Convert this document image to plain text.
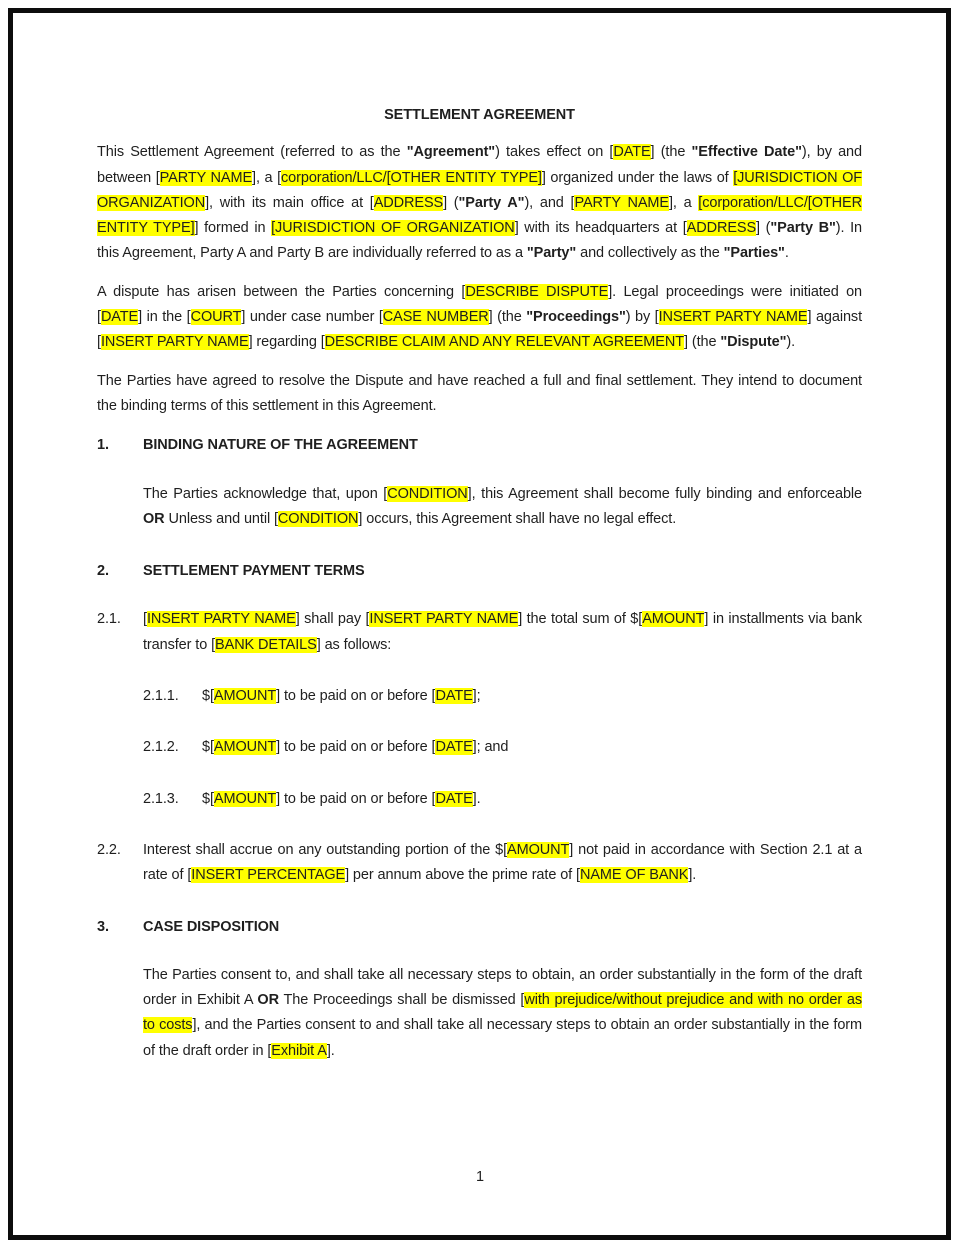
SETTLEMENT AGREEMENT
This Settlement Agreement (referred to as the "Agreement") takes effect on [DATE] (the "Effective Date"), by and between [PARTY NAME], a [corporation/LLC/[OTHER ENTITY TYPE]] organized under the laws of [JURISDICTION OF ORGANIZATION], with its main office at [ADDRESS] ("Party A"), and [PARTY NAME], a [corporation/LLC/[OTHER ENTITY TYPE]] formed in [JURISDICTION OF ORGANIZATION] with its headquarters at [ADDRESS] ("Party B"). In this Agreement, Party A and Party B are individually referred to as a "Party" and collectively as the "Parties".
A dispute has arisen between the Parties concerning [DESCRIBE DISPUTE]. Legal proceedings were initiated on [DATE] in the [COURT] under case number [CASE NUMBER] (the "Proceedings") by [INSERT PARTY NAME] against [INSERT PARTY NAME] regarding [DESCRIBE CLAIM AND ANY RELEVANT AGREEMENT] (the "Dispute").
The Parties have agreed to resolve the Dispute and have reached a full and final settlement. They intend to document the binding terms of this settlement in this Agreement.
1.	BINDING NATURE OF THE AGREEMENT
The Parties acknowledge that, upon [CONDITION], this Agreement shall become fully binding and enforceable OR Unless and until [CONDITION] occurs, this Agreement shall have no legal effect.
2.	SETTLEMENT PAYMENT TERMS
2.1.	[INSERT PARTY NAME] shall pay [INSERT PARTY NAME] the total sum of $[AMOUNT] in installments via bank transfer to [BANK DETAILS] as follows:
2.1.1.	$[AMOUNT] to be paid on or before [DATE];
2.1.2.	$[AMOUNT] to be paid on or before [DATE]; and
2.1.3.	$[AMOUNT] to be paid on or before [DATE].
2.2.	Interest shall accrue on any outstanding portion of the $[AMOUNT] not paid in accordance with Section 2.1 at a rate of [INSERT PERCENTAGE] per annum above the prime rate of [NAME OF BANK].
3.	CASE DISPOSITION
The Parties consent to, and shall take all necessary steps to obtain, an order substantially in the form of the draft order in Exhibit A OR The Proceedings shall be dismissed [with prejudice/without prejudice and with no order as to costs], and the Parties consent to and shall take all necessary steps to obtain an order substantially in the form of the draft order in [Exhibit A].
1
